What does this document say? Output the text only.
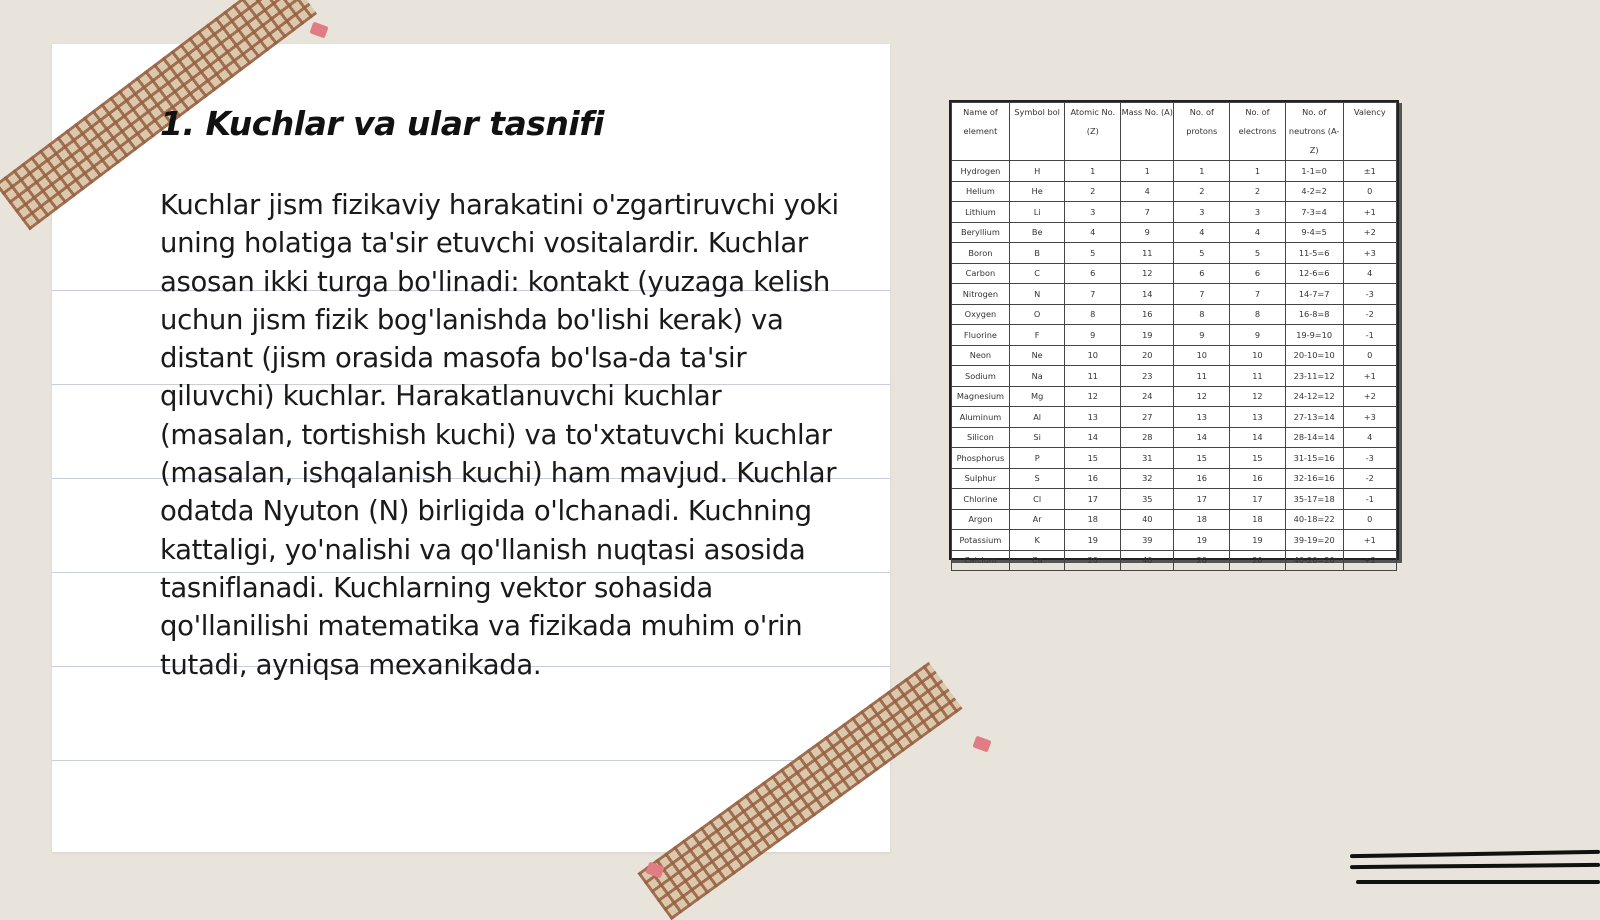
1. Kuchlar va ular tasnifi

Kuchlar jism fizikaviy harakatini o'zgartiruvchi yoki uning holatiga ta'sir etuvchi vositalardir. Kuchlar asosan ikki turga bo'linadi: kontakt (yuzaga kelish uchun jism fizik bog'lanishda bo'lishi kerak) va distant (jism orasida masofa bo'lsa-da ta'sir qiluvchi) kuchlar. Harakatlanuvchi kuchlar (masalan, tortishish kuchi) va to'xtatuvchi kuchlar (masalan, ishqalanish kuchi) ham mavjud. Kuchlar odatda Nyuton (N) birligida o'lchanadi. Kuchning kattaligi, yo'nalishi va qo'llanish nuqtasi asosida tasniflanadi. Kuchlarning vektor sohasida qo'llanilishi matematika va fizikada muhim o'rin tutadi, ayniqsa mexanikada.

Name of element	Symbol bol	Atomic No. (Z)	Mass No. (A)	No. of protons	No. of electrons	No. of neutrons (A-Z)	Valency
Hydrogen	H	1	1	1	1	1-1=0	±1
Helium	He	2	4	2	2	4-2=2	0
Lithium	Li	3	7	3	3	7-3=4	+1
Beryllium	Be	4	9	4	4	9-4=5	+2
Boron	B	5	11	5	5	11-5=6	+3
Carbon	C	6	12	6	6	12-6=6	4
Nitrogen	N	7	14	7	7	14-7=7	-3
Oxygen	O	8	16	8	8	16-8=8	-2
Fluorine	F	9	19	9	9	19-9=10	-1
Neon	Ne	10	20	10	10	20-10=10	0
Sodium	Na	11	23	11	11	23-11=12	+1
Magnesium	Mg	12	24	12	12	24-12=12	+2
Aluminum	Al	13	27	13	13	27-13=14	+3
Silicon	Si	14	28	14	14	28-14=14	4
Phosphorus	P	15	31	15	15	31-15=16	-3
Sulphur	S	16	32	16	16	32-16=16	-2
Chlorine	Cl	17	35	17	17	35-17=18	-1
Argon	Ar	18	40	18	18	40-18=22	0
Potassium	K	19	39	19	19	39-19=20	+1
Calcium	Ca	20	40	20	20	40-20=20	+2
